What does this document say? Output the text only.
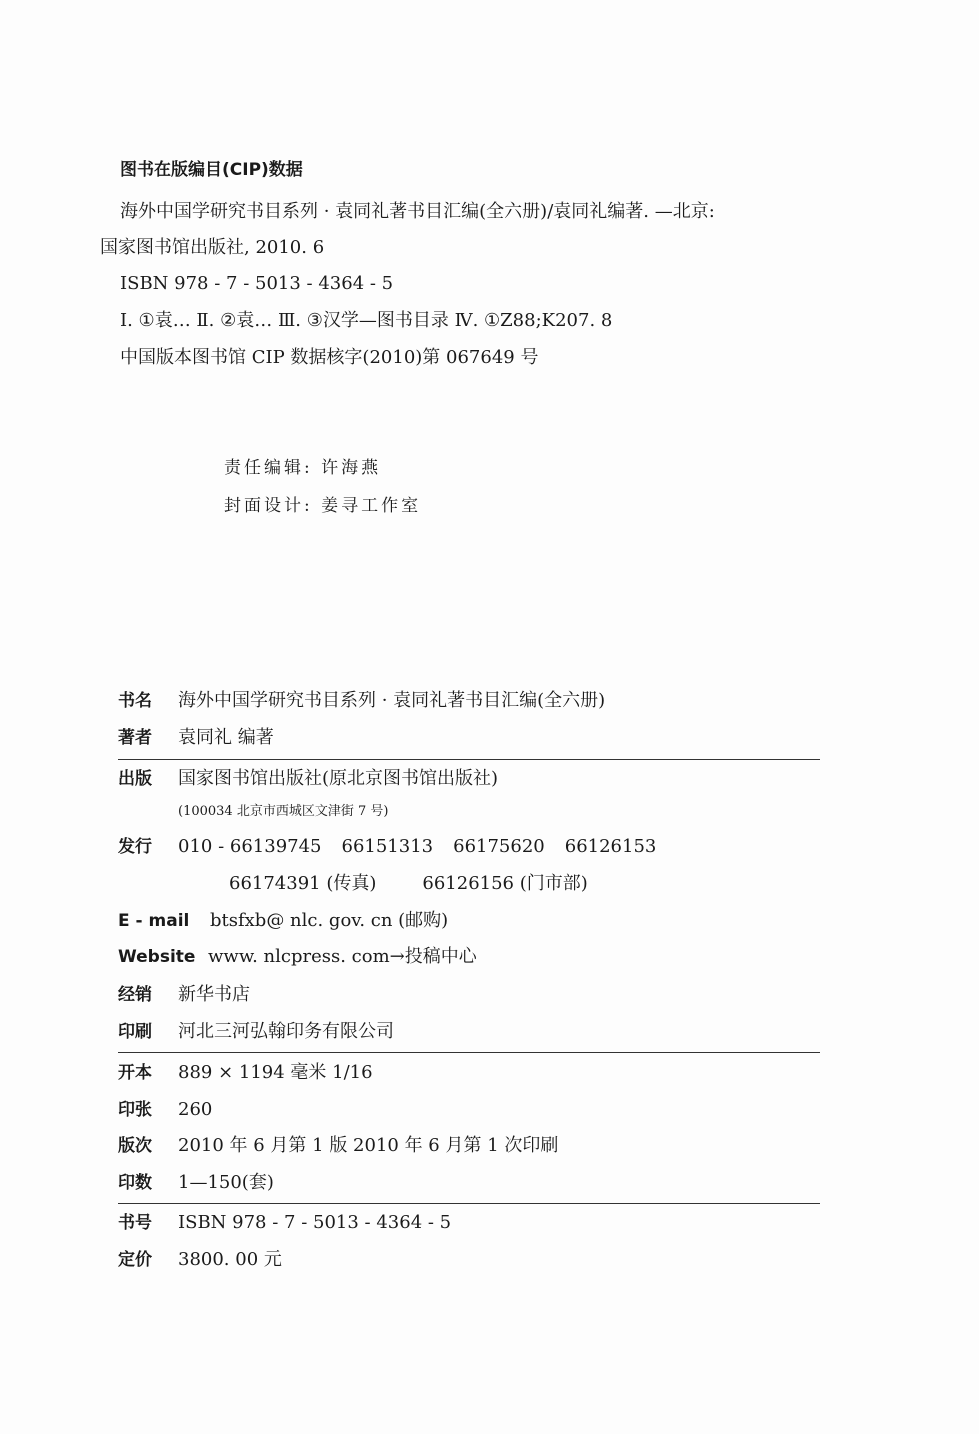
图书在版编目(CIP)数据
海外中国学研究书目系列 · 袁同礼著书目汇编(全六册)/袁同礼编著. —北京:
国家图书馆出版社, 2010. 6
ISBN 978 - 7 - 5013 - 4364 - 5
Ⅰ. ①袁… Ⅱ. ②袁… Ⅲ. ③汉学—图书目录 Ⅳ. ①Z88;K207. 8
中国版本图书馆 CIP 数据核字(2010)第 067649 号
责任编辑: 许海燕
封面设计: 姜寻工作室
书名 海外中国学研究书目系列 · 袁同礼著书目汇编(全六册)
著者 袁同礼 编著
出版 国家图书馆出版社(原北京图书馆出版社)
(100034 北京市西城区文津街 7 号)
发行 010 - 66139745 66151313 66175620 66126153
66174391 (传真)	66126156 (门市部)
E - mail btsfxb@ nlc. gov. cn (邮购)
Website www. nlcpress. com→投稿中心
经销 新华书店
印刷 河北三河弘翰印务有限公司
开本 889 × 1194 毫米 1/16
印张 260
版次 2010 年 6 月第 1 版 2010 年 6 月第 1 次印刷
印数 1—150(套)
书号 ISBN 978 - 7 - 5013 - 4364 - 5
定价 3800. 00 元
